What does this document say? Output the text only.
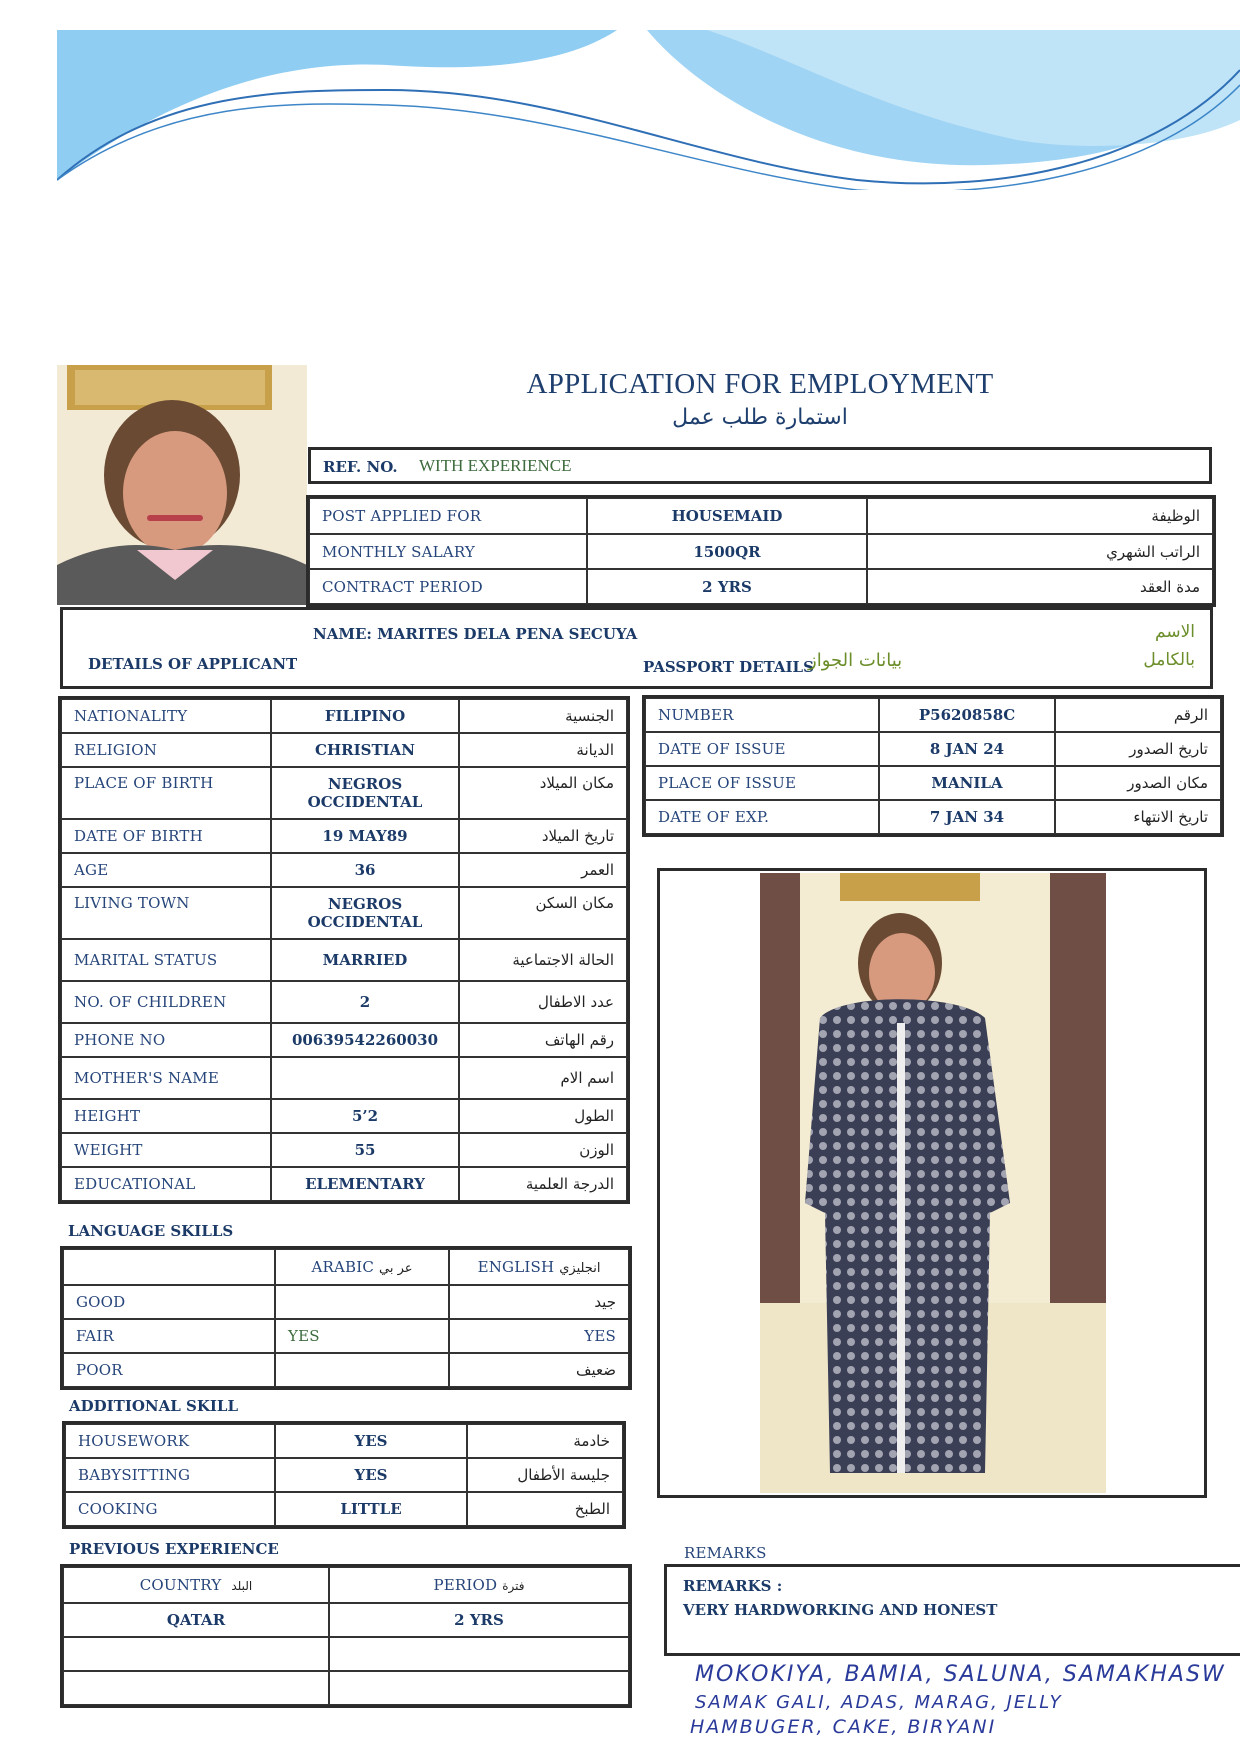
APPLICATION FOR EMPLOYMENT
استمارة طلب عمل
REF. NO. WITH EXPERIENCE
POST APPLIED FOR	HOUSEMAID	الوظيفة
MONTHLY SALARY	1500QR	الراتب الشهري
CONTRACT PERIOD	2 YRS	مدة العقد
NAME: MARITES DELA PENA SECUYA
DETAILS OF APPLICANT	PASSPORT DETAILS
بيانات الجواز
الاسم
بالكامل
NATIONALITY	FILIPINO	الجنسية
RELIGION	CHRISTIAN	الديانة
PLACE OF BIRTH	NEGROS OCCIDENTAL	مكان الميلاد
DATE OF BIRTH	19 MAY89	تاريخ الميلاد
AGE	36	العمر
LIVING TOWN	NEGROS OCCIDENTAL	مكان السكن
MARITAL STATUS	MARRIED	الحالة الاجتماعية
NO. OF CHILDREN	2	عدد الاطفال
PHONE NO	00639542260030	رقم الهاتف
MOTHER'S NAME		اسم الام
HEIGHT	5’2	الطول
WEIGHT	55	الوزن
EDUCATIONAL	ELEMENTARY	الدرجة العلمية
LANGUAGE SKILLS
	ARABIC عر بي	ENGLISH انجليزي
GOOD		جيد
FAIR	YES	YES
POOR		ضعيف
ADDITIONAL SKILL
HOUSEWORK	YES	خادمة
BABYSITTING	YES	جليسة الأطفال
COOKING	LITTLE	الطبخ
PREVIOUS EXPERIENCE
COUNTRY البلد	PERIOD فترة
QATAR	2 YRS

NUMBER	P5620858C	الرقم
DATE OF ISSUE	8 JAN 24	تاريخ الصدور
PLACE OF ISSUE	MANILA	مكان الصدور
DATE OF EXP.	7 JAN 34	تاريخ الانتهاء
REMARKS
REMARKS :
VERY HARDWORKING AND HONEST
MOKOKIYA, BAMIA, SALUNA, SAMAKHASW
SAMAK GALI, ADAS, MARAG, JELLY
HAMBUGER, CAKE, BIRYANI
